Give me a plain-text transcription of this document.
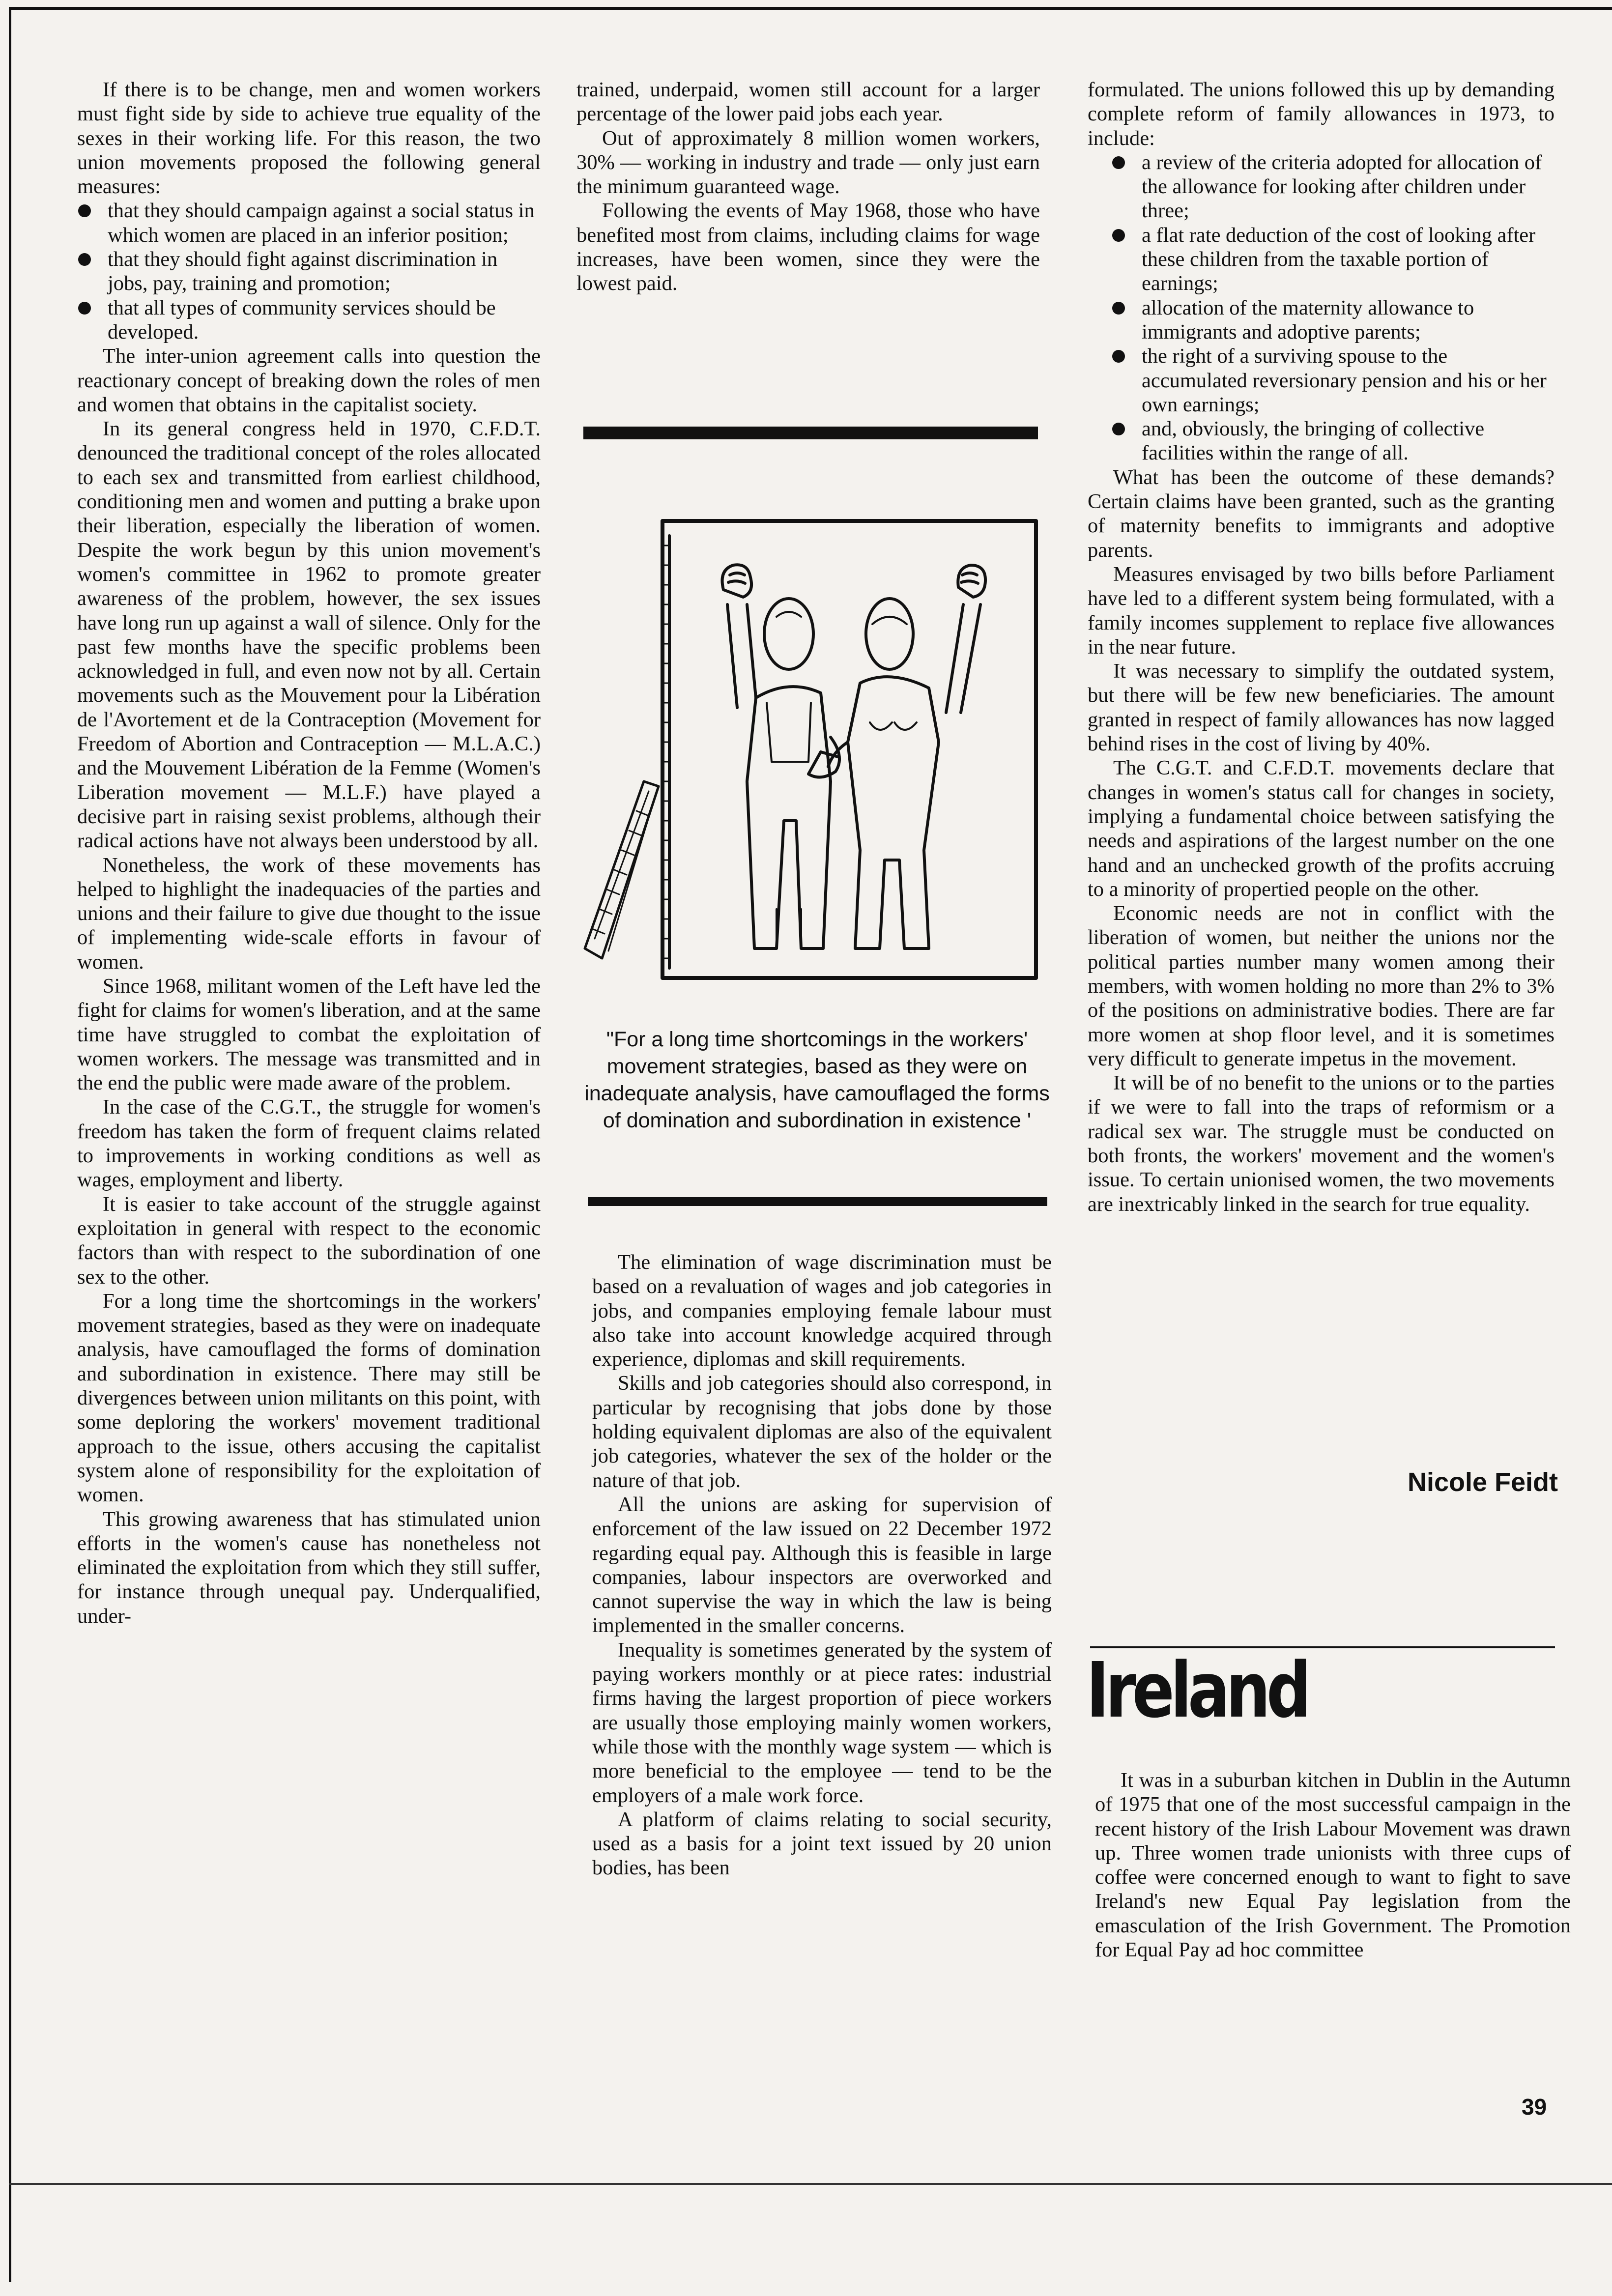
If there is to be change, men and women workers must fight side by side to achieve true equality of the sexes in their working life. For this reason, the two union movements proposed the following general measures:

that they should campaign against a social status in which women are placed in an inferior position;
that they should fight against discrimination in jobs, pay, training and promotion;
that all types of community services should be developed.

The inter-union agreement calls into question the reactionary concept of breaking down the roles of men and women that obtains in the capitalist society.

In its general congress held in 1970, C.F.D.T. denounced the traditional concept of the roles allocated to each sex and transmitted from earliest childhood, conditioning men and women and putting a brake upon their liberation, especially the liberation of women. Despite the work begun by this union movement's women's committee in 1962 to promote greater awareness of the problem, however, the sex issues have long run up against a wall of silence. Only for the past few months have the specific problems been acknowledged in full, and even now not by all. Certain movements such as the Mouvement pour la Libération de l'Avortement et de la Contraception (Movement for Freedom of Abortion and Contraception — M.L.A.C.) and the Mouvement Libération de la Femme (Women's Liberation movement — M.L.F.) have played a decisive part in raising sexist problems, although their radical actions have not always been understood by all.

Nonetheless, the work of these movements has helped to highlight the inadequacies of the parties and unions and their failure to give due thought to the issue of implementing wide-scale efforts in favour of women.

Since 1968, militant women of the Left have led the fight for claims for women's liberation, and at the same time have struggled to combat the exploitation of women workers. The message was transmitted and in the end the public were made aware of the problem.

In the case of the C.G.T., the struggle for women's freedom has taken the form of frequent claims related to improvements in working conditions as well as wages, employment and liberty.

It is easier to take account of the struggle against exploitation in general with respect to the economic factors than with respect to the subordination of one sex to the other.

For a long time the shortcomings in the workers' movement strategies, based as they were on inadequate analysis, have camouflaged the forms of domination and subordination in existence. There may still be divergences between union militants on this point, with some deploring the workers' movement traditional approach to the issue, others accusing the capitalist system alone of responsibility for the exploitation of women.

This growing awareness that has stimulated union efforts in the women's cause has nonetheless not eliminated the exploitation from which they still suffer, for instance through unequal pay. Underqualified, under-

trained, underpaid, women still account for a larger percentage of the lower paid jobs each year.

Out of approximately 8 million women workers, 30% — working in industry and trade — only just earn the minimum guaranteed wage.

Following the events of May 1968, those who have benefited most from claims, including claims for wage increases, have been women, since they were the lowest paid.

"For a long time shortcomings in the workers' movement strategies, based as they were on inadequate analysis, have camouflaged the forms of domination and subordination in existence '

The elimination of wage discrimination must be based on a revaluation of wages and job categories in jobs, and companies employing female labour must also take into account knowledge acquired through experience, diplomas and skill requirements.

Skills and job categories should also correspond, in particular by recognising that jobs done by those holding equivalent diplomas are also of the equivalent job categories, whatever the sex of the holder or the nature of that job.

All the unions are asking for supervision of enforcement of the law issued on 22 December 1972 regarding equal pay. Although this is feasible in large companies, labour inspectors are overworked and cannot supervise the way in which the law is being implemented in the smaller concerns.

Inequality is sometimes generated by the system of paying workers monthly or at piece rates: industrial firms having the largest proportion of piece workers are usually those employing mainly women workers, while those with the monthly wage system — which is more beneficial to the employee — tend to be the employers of a male work force.

A platform of claims relating to social security, used as a basis for a joint text issued by 20 union bodies, has been

formulated. The unions followed this up by demanding complete reform of family allowances in 1973, to include:

a review of the criteria adopted for allocation of the allowance for looking after children under three;
a flat rate deduction of the cost of looking after these children from the taxable portion of earnings;
allocation of the maternity allowance to immigrants and adoptive parents;
the right of a surviving spouse to the accumulated reversionary pension and his or her own earnings;
and, obviously, the bringing of collective facilities within the range of all.

What has been the outcome of these demands? Certain claims have been granted, such as the granting of maternity benefits to immigrants and adoptive parents.

Measures envisaged by two bills before Parliament have led to a different system being formulated, with a family incomes supplement to replace five allowances in the near future.

It was necessary to simplify the outdated system, but there will be few new beneficiaries. The amount granted in respect of family allowances has now lagged behind rises in the cost of living by 40%.

The C.G.T. and C.F.D.T. movements declare that changes in women's status call for changes in society, implying a fundamental choice between satisfying the needs and aspirations of the largest number on the one hand and an unchecked growth of the profits accruing to a minority of propertied people on the other.

Economic needs are not in conflict with the liberation of women, but neither the unions nor the political parties number many women among their members, with women holding no more than 2% to 3% of the positions on administrative bodies. There are far more women at shop floor level, and it is sometimes very difficult to generate impetus in the movement.

It will be of no benefit to the unions or to the parties if we were to fall into the traps of reformism or a radical sex war. The struggle must be conducted on both fronts, the workers' movement and the women's issue. To certain unionised women, the two movements are inextricably linked in the search for true equality.

Nicole Feidt
Ireland

It was in a suburban kitchen in Dublin in the Autumn of 1975 that one of the most successful campaign in the recent history of the Irish Labour Movement was drawn up. Three women trade unionists with three cups of coffee were concerned enough to want to fight to save Ireland's new Equal Pay legislation from the emasculation of the Irish Government. The Promotion for Equal Pay ad hoc committee

39
